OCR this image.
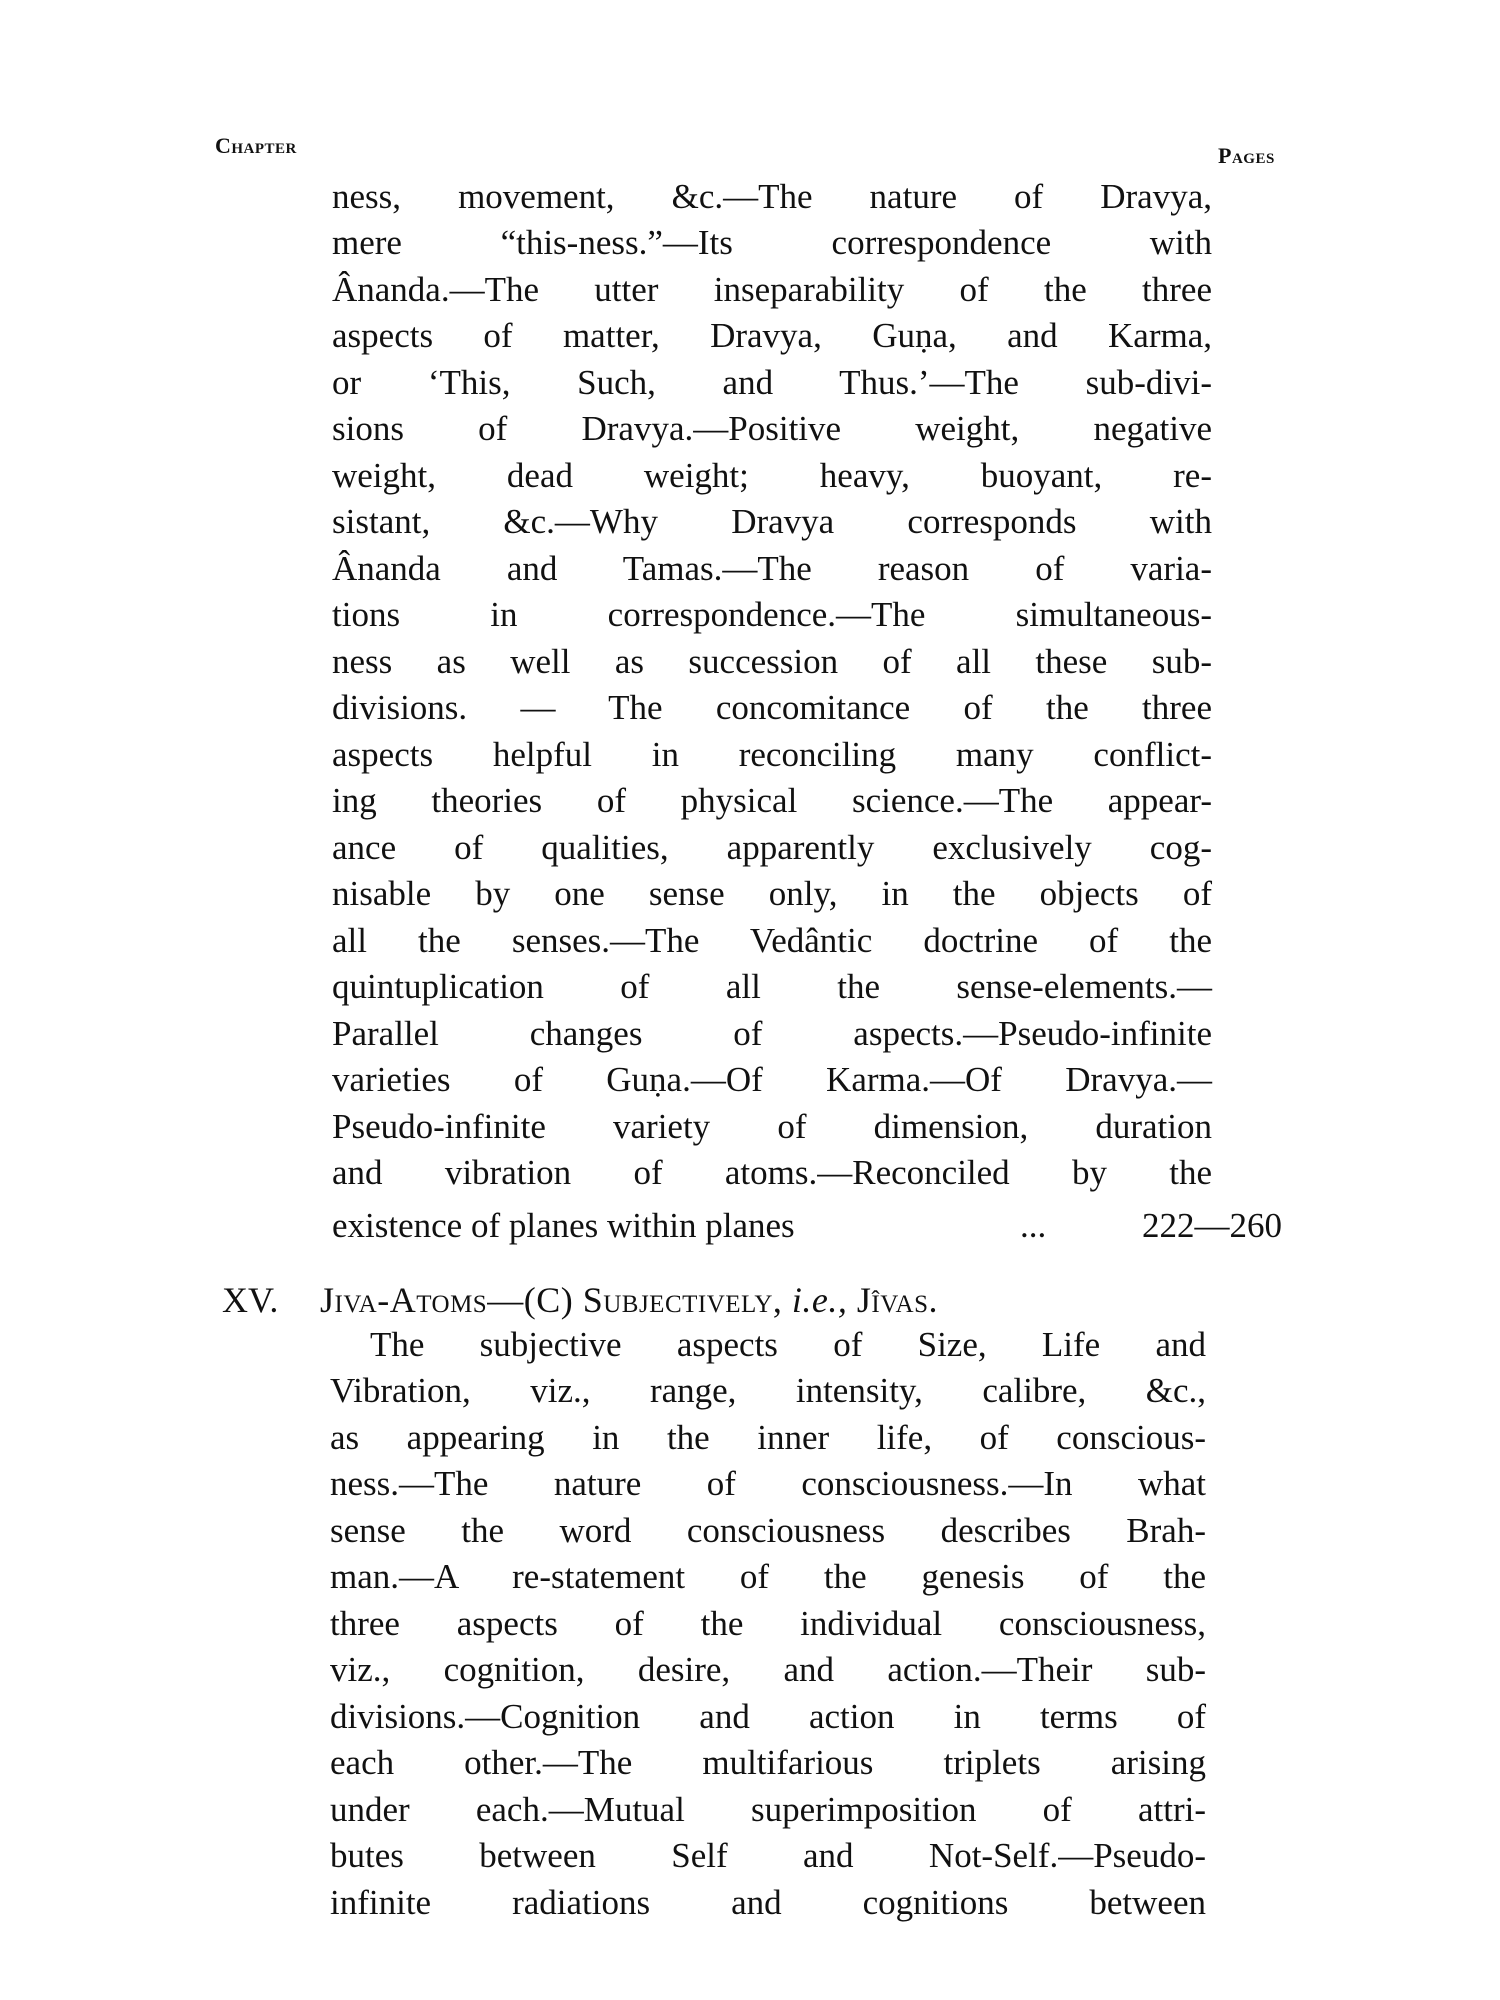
Chapter	Pages
ness, movement, &c.—The nature of Dravya,
mere “this-ness.”—Its correspondence with
Ânanda.—The utter inseparability of the three
aspects of matter, Dravya, Guṇa, and Karma,
or ‘This, Such, and Thus.’—The sub-divi-
sions of Dravya.—Positive weight, negative
weight, dead weight; heavy, buoyant, re-
sistant, &c.—Why Dravya corresponds with
Ânanda and Tamas.—The reason of varia-
tions in correspondence.—The simultaneous-
ness as well as succession of all these sub-
divisions. — The concomitance of the three
aspects helpful in reconciling many conflict-
ing theories of physical science.—The appear-
ance of qualities, apparently exclusively cog-
nisable by one sense only, in the objects of
all the senses.—The Vedântic doctrine of the
quintuplication of all the sense-elements.—
Parallel changes of aspects.—Pseudo-infinite
varieties of Guṇa.—Of Karma.—Of Dravya.—
Pseudo-infinite variety of dimension, duration
and vibration of atoms.—Reconciled by the
existence of planes within planes	...	222—260
XV. Jiva-Atoms—(C) Subjectively, i.e., Jîvas.
The subjective aspects of Size, Life and
Vibration, viz., range, intensity, calibre, &c.,
as appearing in the inner life, of conscious-
ness.—The nature of consciousness.—In what
sense the word consciousness describes Brah-
man.—A re-statement of the genesis of the
three aspects of the individual consciousness,
viz., cognition, desire, and action.—Their sub-
divisions.—Cognition and action in terms of
each other.—The multifarious triplets arising
under each.—Mutual superimposition of attri-
butes between Self and Not-Self.—Pseudo-
infinite radiations and cognitions between
